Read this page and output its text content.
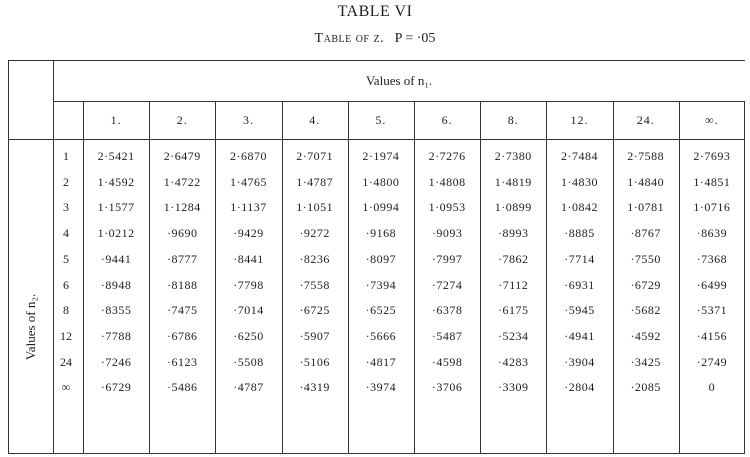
TABLE VI
Table of z. P = ·05
Values of n₁.
Values of n₂.
1.	2.	3.	4.	5.	6.	8.	12.	24.	∞.
1	2·5421	2·6479	2·6870	2·7071	2·1974	2·7276	2·7380	2·7484	2·7588	2·7693
2	1·4592	1·4722	1·4765	1·4787	1·4800	1·4808	1·4819	1·4830	1·4840	1·4851
3	1·1577	1·1284	1·1137	1·1051	1·0994	1·0953	1·0899	1·0842	1·0781	1·0716
4	1·0212	·9690	·9429	·9272	·9168	·9093	·8993	·8885	·8767	·8639
5	·9441	·8777	·8441	·8236	·8097	·7997	·7862	·7714	·7550	·7368
6	·8948	·8188	·7798	·7558	·7394	·7274	·7112	·6931	·6729	·6499
8	·8355	·7475	·7014	·6725	·6525	·6378	·6175	·5945	·5682	·5371
12	·7788	·6786	·6250	·5907	·5666	·5487	·5234	·4941	·4592	·4156
24	·7246	·6123	·5508	·5106	·4817	·4598	·4283	·3904	·3425	·2749
∞	·6729	·5486	·4787	·4319	·3974	·3706	·3309	·2804	·2085	0
